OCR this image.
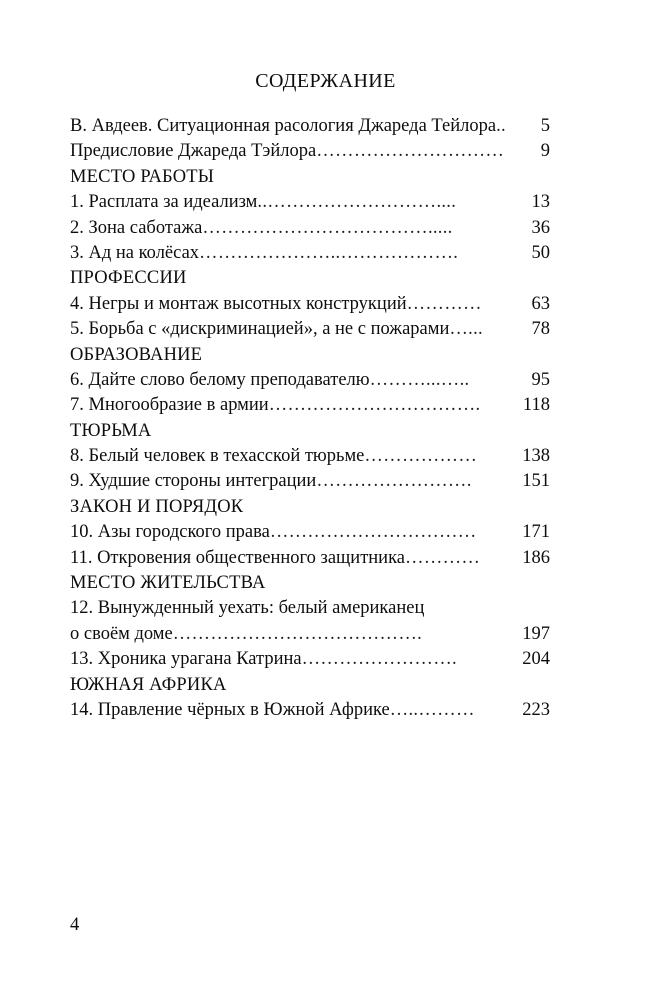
СОДЕРЖАНИЕ
В. Авдеев. Ситуационная расология Джареда Тейлора.. 5
Предисловие Джареда Тэйлора………………………… 9
МЕСТО РАБОТЫ
1. Расплата за идеализм..………………………....	13
2. Зона саботажа……………………………….....	36
3. Ад на колёсах…………………..……………….	50
ПРОФЕССИИ
4. Негры и монтаж высотных конструкций…………	63
5. Борьба с «дискриминацией», а не с пожарами…...	78
ОБРАЗОВАНИЕ
6. Дайте слово белому преподавателю………...…..	95
7. Многообразие в армии……………………………. 118
ТЮРЬМА
8. Белый человек в техасской тюрьме……………… 138
9. Худшие стороны интеграции…………………….	151
ЗАКОН И ПОРЯДОК
10. Азы городского права…………………………… 171
11. Откровения общественного защитника………… 186
МЕСТО ЖИТЕЛЬСТВА
12. Вынужденный уехать: белый американец
о своём доме………………………………….	197
13. Хроника урагана Катрина…………………….	204
ЮЖНАЯ АФРИКА
14. Правление чёрных в Южной Африке…..………	223
4
